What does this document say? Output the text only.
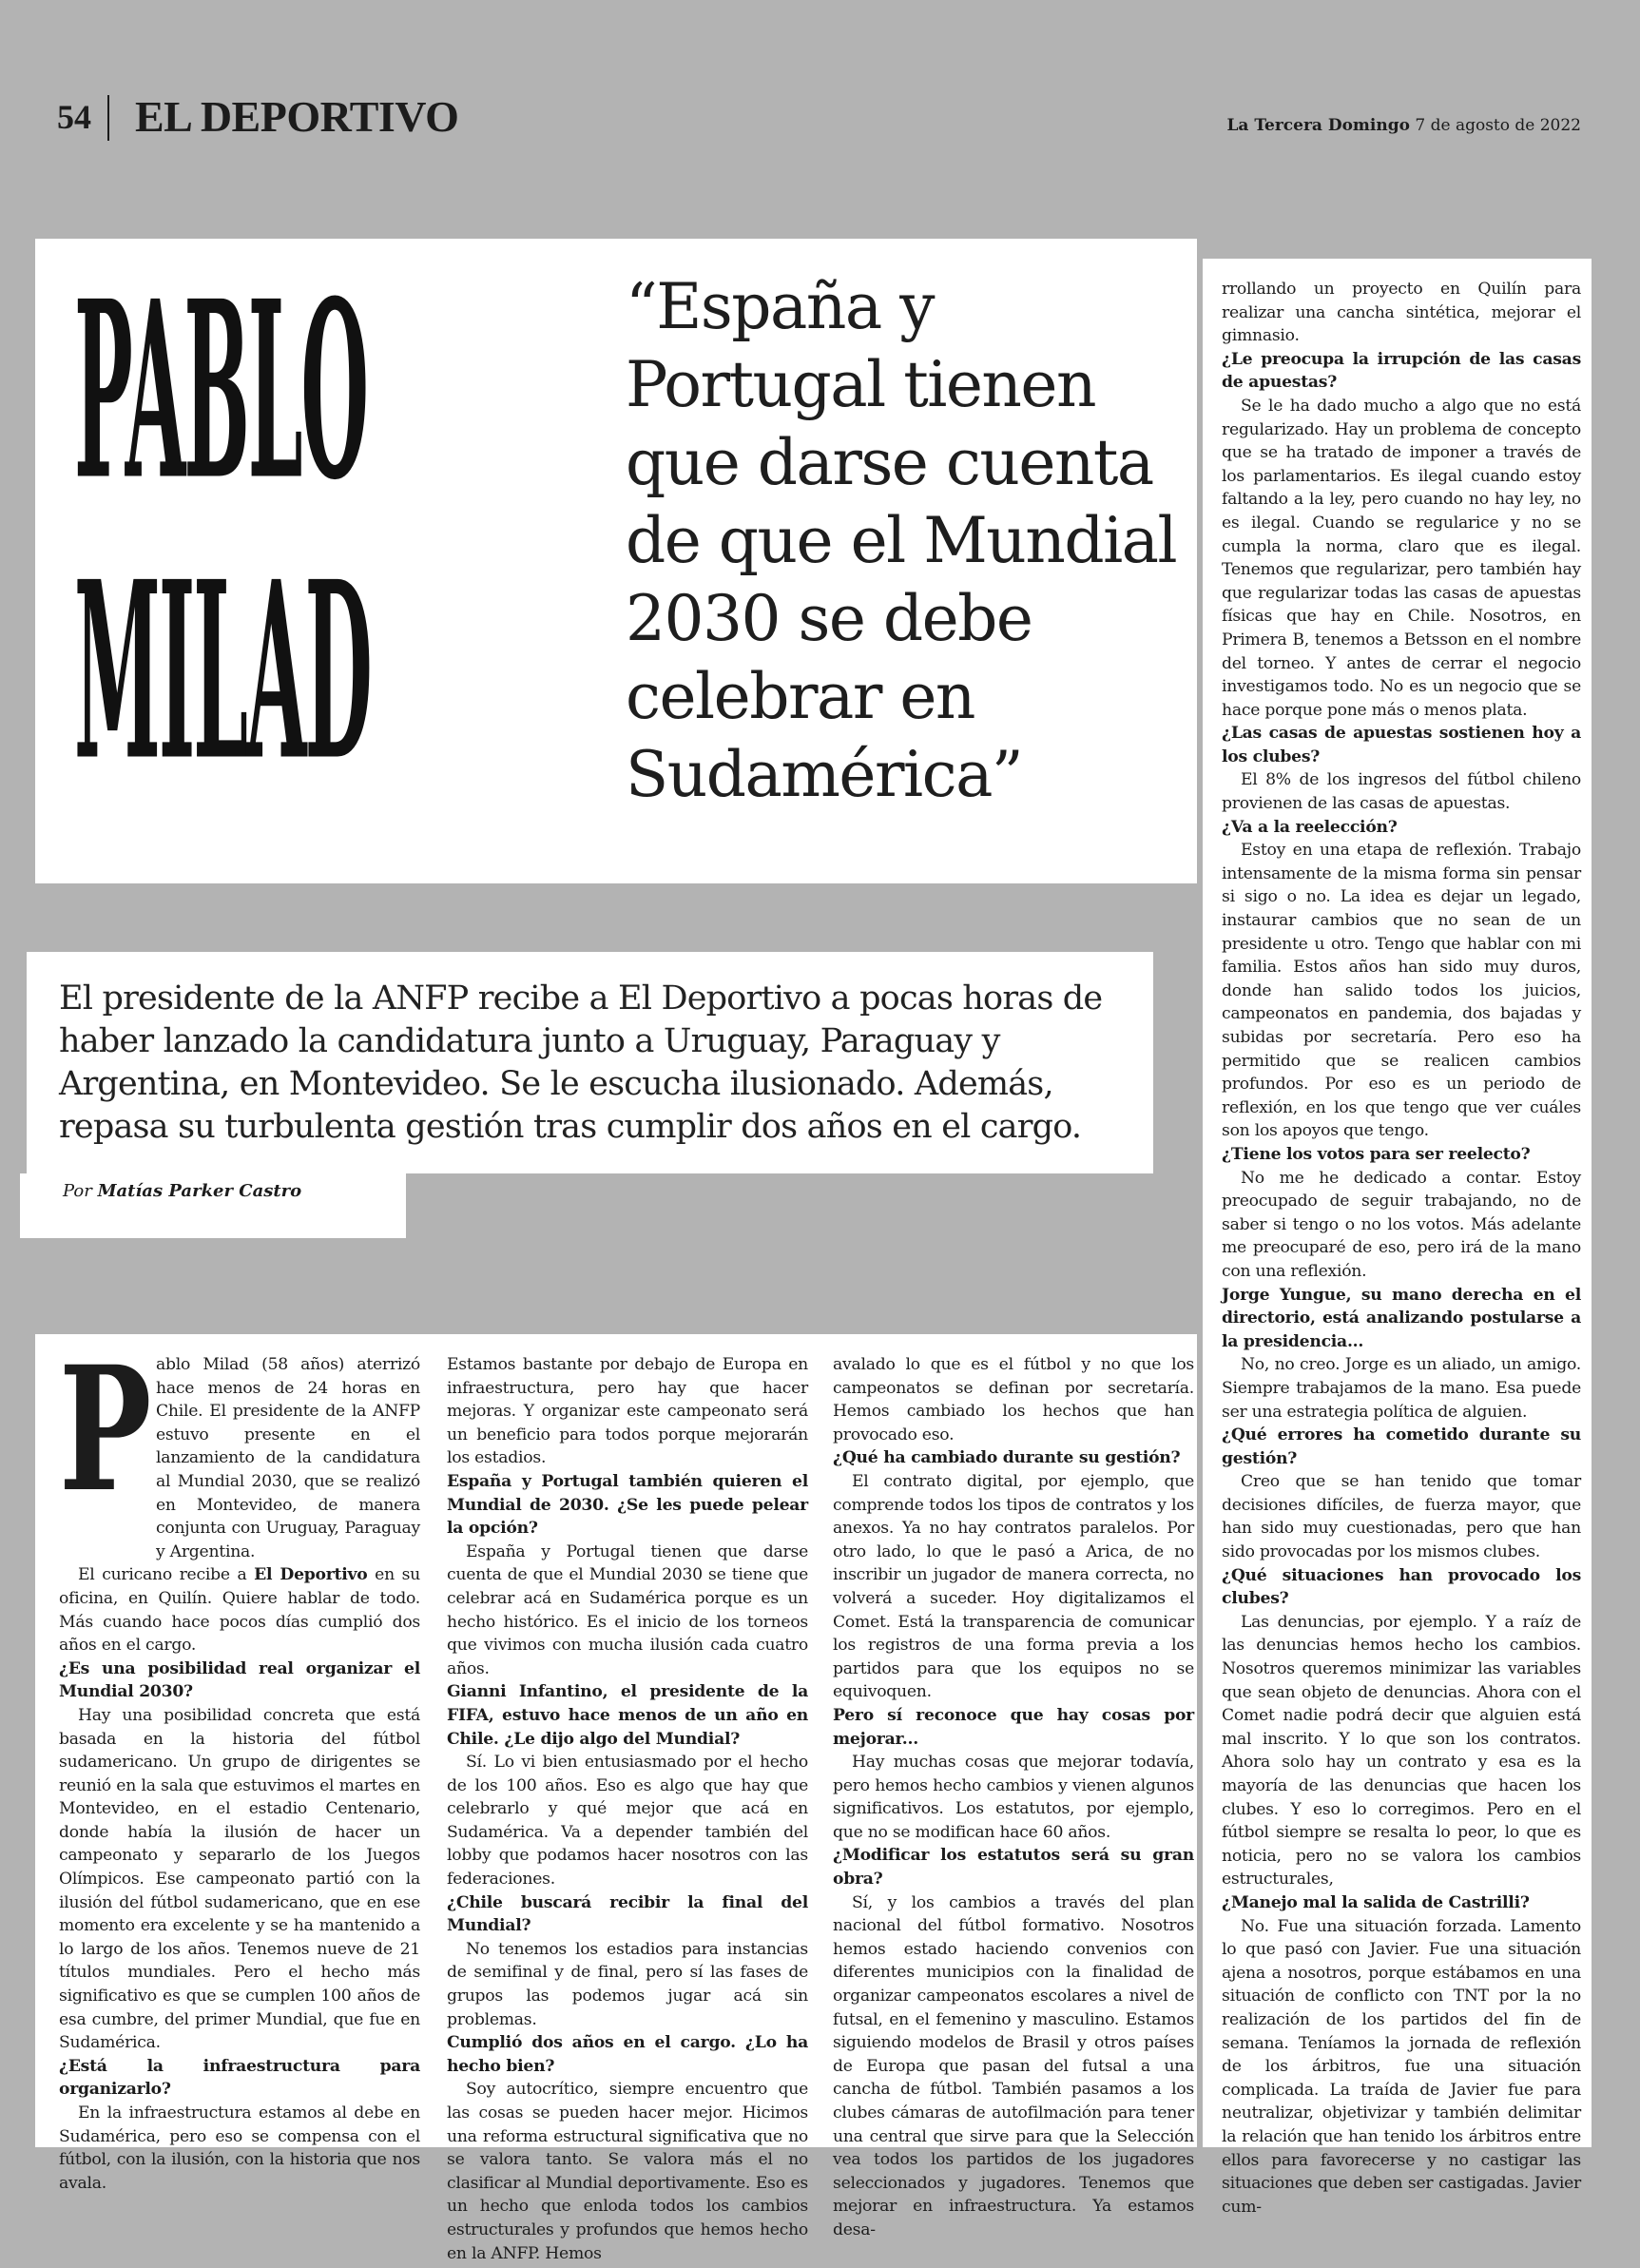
54 EL DEPORTIVO	La Tercera Domingo 7 de agosto de 2022
PABLO
MILAD
“España y Portugal tienen que darse cuenta de que el Mundial 2030 se debe celebrar en Sudamérica”
El presidente de la ANFP recibe a El Deportivo a pocas horas de haber lanzado la candidatura junto a Uruguay, Paraguay y Argentina, en Montevideo. Se le escucha ilusionado. Además, repasa su turbulenta gestión tras cumplir dos años en el cargo.
Por Matías Parker Castro
P ablo Milad (58 años) aterrizó hace menos de 24 horas en Chile. El presidente de la ANFP estuvo presente en el lanzamiento de la candidatura al Mundial 2030, que se realizó en Montevideo, de manera conjunta con Uruguay, Paraguay y Argentina.

El curicano recibe a El Deportivo en su oficina, en Quilín. Quiere hablar de todo. Más cuando hace pocos días cumplió dos años en el cargo.

¿Es una posibilidad real organizar el Mundial 2030?

Hay una posibilidad concreta que está basada en la historia del fútbol sudamericano. Un grupo de dirigentes se reunió en la sala que estuvimos el martes en Montevideo, en el estadio Centenario, donde había la ilusión de hacer un campeonato y separarlo de los Juegos Olímpicos. Ese campeonato partió con la ilusión del fútbol sudamericano, que en ese momento era excelente y se ha mantenido a lo largo de los años. Tenemos nueve de 21 títulos mundiales. Pero el hecho más significativo es que se cumplen 100 años de esa cumbre, del primer Mundial, que fue en Sudamérica.

¿Está la infraestructura para organizarlo?

En la infraestructura estamos al debe en Sudamérica, pero eso se compensa con el fútbol, con la ilusión, con la historia que nos avala.

Estamos bastante por debajo de Europa en infraestructura, pero hay que hacer mejoras. Y organizar este campeonato será un beneficio para todos porque mejorarán los estadios.

España y Portugal también quieren el Mundial de 2030. ¿Se les puede pelear la opción?

España y Portugal tienen que darse cuenta de que el Mundial 2030 se tiene que celebrar acá en Sudamérica porque es un hecho histórico. Es el inicio de los torneos que vivimos con mucha ilusión cada cuatro años.

Gianni Infantino, el presidente de la FIFA, estuvo hace menos de un año en Chile. ¿Le dijo algo del Mundial?

Sí. Lo vi bien entusiasmado por el hecho de los 100 años. Eso es algo que hay que celebrarlo y qué mejor que acá en Sudamérica. Va a depender también del lobby que podamos hacer nosotros con las federaciones.

¿Chile buscará recibir la final del Mundial?

No tenemos los estadios para instancias de semifinal y de final, pero sí las fases de grupos las podemos jugar acá sin problemas.

Cumplió dos años en el cargo. ¿Lo ha hecho bien?

Soy autocrítico, siempre encuentro que las cosas se pueden hacer mejor. Hicimos una reforma estructural significativa que no se valora tanto. Se valora más el no clasificar al Mundial deportivamente. Eso es un hecho que enloda todos los cambios estructurales y profundos que hemos hecho en la ANFP. Hemos

avalado lo que es el fútbol y no que los campeonatos se definan por secretaría. Hemos cambiado los hechos que han provocado eso.

¿Qué ha cambiado durante su gestión?

El contrato digital, por ejemplo, que comprende todos los tipos de contratos y los anexos. Ya no hay contratos paralelos. Por otro lado, lo que le pasó a Arica, de no inscribir un jugador de manera correcta, no volverá a suceder. Hoy digitalizamos el Comet. Está la transparencia de comunicar los registros de una forma previa a los partidos para que los equipos no se equivoquen.

Pero sí reconoce que hay cosas por mejorar...

Hay muchas cosas que mejorar todavía, pero hemos hecho cambios y vienen algunos significativos. Los estatutos, por ejemplo, que no se modifican hace 60 años.

¿Modificar los estatutos será su gran obra?

Sí, y los cambios a través del plan nacional del fútbol formativo. Nosotros hemos estado haciendo convenios con diferentes municipios con la finalidad de organizar campeonatos escolares a nivel de futsal, en el femenino y masculino. Estamos siguiendo modelos de Brasil y otros países de Europa que pasan del futsal a una cancha de fútbol. También pasamos a los clubes cámaras de autofilmación para tener una central que sirve para que la Selección vea todos los partidos de los jugadores seleccionados y jugadores. Tenemos que mejorar en infraestructura. Ya estamos desa-

rrollando un proyecto en Quilín para realizar una cancha sintética, mejorar el gimnasio.

¿Le preocupa la irrupción de las casas de apuestas?

Se le ha dado mucho a algo que no está regularizado. Hay un problema de concepto que se ha tratado de imponer a través de los parlamentarios. Es ilegal cuando estoy faltando a la ley, pero cuando no hay ley, no es ilegal. Cuando se regularice y no se cumpla la norma, claro que es ilegal. Tenemos que regularizar, pero también hay que regularizar todas las casas de apuestas físicas que hay en Chile. Nosotros, en Primera B, tenemos a Betsson en el nombre del torneo. Y antes de cerrar el negocio investigamos todo. No es un negocio que se hace porque pone más o menos plata.

¿Las casas de apuestas sostienen hoy a los clubes?

El 8% de los ingresos del fútbol chileno provienen de las casas de apuestas.

¿Va a la reelección?

Estoy en una etapa de reflexión. Trabajo intensamente de la misma forma sin pensar si sigo o no. La idea es dejar un legado, instaurar cambios que no sean de un presidente u otro. Tengo que hablar con mi familia. Estos años han sido muy duros, donde han salido todos los juicios, campeonatos en pandemia, dos bajadas y subidas por secretaría. Pero eso ha permitido que se realicen cambios profundos. Por eso es un periodo de reflexión, en los que tengo que ver cuáles son los apoyos que tengo.

¿Tiene los votos para ser reelecto?

No me he dedicado a contar. Estoy preocupado de seguir trabajando, no de saber si tengo o no los votos. Más adelante me preocuparé de eso, pero irá de la mano con una reflexión.

Jorge Yungue, su mano derecha en el directorio, está analizando postularse a la presidencia...

No, no creo. Jorge es un aliado, un amigo. Siempre trabajamos de la mano. Esa puede ser una estrategia política de alguien.

¿Qué errores ha cometido durante su gestión?

Creo que se han tenido que tomar decisiones difíciles, de fuerza mayor, que han sido muy cuestionadas, pero que han sido provocadas por los mismos clubes.

¿Qué situaciones han provocado los clubes?

Las denuncias, por ejemplo. Y a raíz de las denuncias hemos hecho los cambios. Nosotros queremos minimizar las variables que sean objeto de denuncias. Ahora con el Comet nadie podrá decir que alguien está mal inscrito. Y lo que son los contratos. Ahora solo hay un contrato y esa es la mayoría de las denuncias que hacen los clubes. Y eso lo corregimos. Pero en el fútbol siempre se resalta lo peor, lo que es noticia, pero no se valora los cambios estructurales,

¿Manejo mal la salida de Castrilli?

No. Fue una situación forzada. Lamento lo que pasó con Javier. Fue una situación ajena a nosotros, porque estábamos en una situación de conflicto con TNT por la no realización de los partidos del fin de semana. Teníamos la jornada de reflexión de los árbitros, fue una situación complicada. La traída de Javier fue para neutralizar, objetivizar y también delimitar la relación que han tenido los árbitros entre ellos para favorecerse y no castigar las situaciones que deben ser castigadas. Javier cum-
